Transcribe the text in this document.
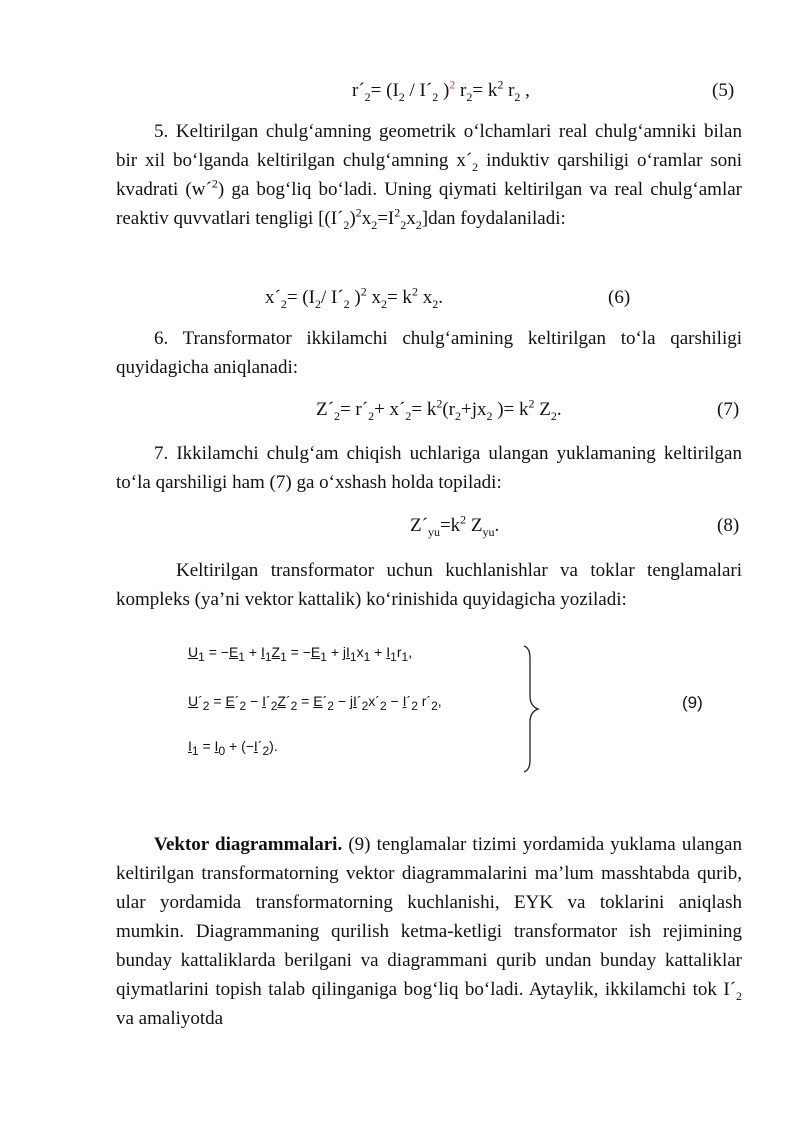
$r´_2= (I_2$ / $I´_2$ )$^2$ $r_2= k^2$ $r_2$ ,	(5)
5. Keltirilgan chulg‘amning geometrik o‘lchamlari real chulg‘amniki bilan bir xil bo‘lganda keltirilgan chulg‘amning $x´_2$ induktiv qarshiligi o‘ramlar soni kvadrati (w´$^2$) ga bog‘liq bo‘ladi. Uning qiymati keltirilgan va real chulg‘amlar reaktiv quvvatlari tengligi $[(I´_2)^2x_2=I^2_2x_2]dan$ foydalaniladi:
$x´_2= (I_2/$ $I´_2$ )$^2$ $x_2= k^2$ $x_2$.	(6)
6. Transformator ikkilamchi chulg‘amining keltirilgan to‘la qarshiligi quyidagicha aniqlanadi:
$Z´_2=$ $r´_2+$ $x´_2= k^2(r_2+jx_2$ )= $k^2$ $Z_2$.	(7)
7. Ikkilamchi chulg‘am chiqish uchlariga ulangan yuklamaning keltirilgan to‘la qarshiligi ham (7) ga o‘xshash holda topiladi:
$Z´_{yu}=k^2$ $Z_{yu}$.	(8)
Keltirilgan transformator uchun kuchlanishlar va toklar tenglamalari kompleks (ya’ni vektor kattalik) ko‘rinishida quyidagicha yoziladi:
$U_1 = -E_1 + I_1Z_1 = -E_1 + jI_1x_1 + I_1r_1$,
$U´_2$ = $E´_2$ − $I´_2Z´_2$ = $E´_2$ − $jI´_2x´_2$ − $I´_2$ $r´_2$,
$I_1 = I_0$ + $(-I´_2)$.
(9)
Vektor diagrammalari. (9) tenglamalar tizimi yordamida yuklama ulangan keltirilgan transformatorning vektor diagrammalarini ma’lum masshtabda qurib, ular yordamida transformatorning kuchlanishi, EYK va toklarini aniqlash mumkin. Diagrammaning qurilish ketma-ketligi transformator ish rejimining bunday kattaliklarda berilgani va diagrammani qurib undan bunday kattaliklar qiymatlarini topish talab qilinganiga bog‘liq bo‘ladi. Aytaylik, ikkilamchi tok $I´_2$ va amaliyotda
